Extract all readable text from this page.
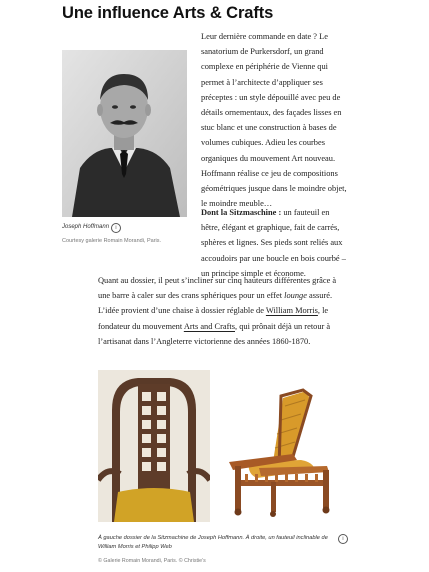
Une influence Arts & Crafts
Joseph Hoffmann	i
Courtesy galerie Romain Morandi, Paris.
Leur dernière commande en date ? Le sanatorium de Purkersdorf, un grand complexe en périphérie de Vienne qui permet à l’architecte d’appliquer ses préceptes : un style dépouillé avec peu de détails ornementaux, des façades lisses en stuc blanc et une construction à bases de volumes cubiques. Adieu les courbes organiques du mouvement Art nouveau. Hoffmann réalise ce jeu de compositions géométriques jusque dans le moindre objet, le moindre meuble…
Dont la Sitzmaschine : un fauteuil en hêtre, élégant et graphique, fait de carrés, sphères et lignes. Ses pieds sont reliés aux accoudoirs par une boucle en bois courbé – un principe simple et économe.
Quant au dossier, il peut s’incliner sur cinq hauteurs différentes grâce à une barre à caler sur des crans sphériques pour un effet lounge assuré. L’idée provient d’une chaise à dossier réglable de William Morris, le fondateur du mouvement Arts and Crafts, qui prônait déjà un retour à l’artisanat dans l’Angleterre victorienne des années 1860-1870.
À gauche dossier de la Sitzmachine de Joseph Hoffmann. À droite, un fauteuil inclinable de William Morris et Philipp Web
i
© Galerie Romain Morandi, Paris. © Christie’s
